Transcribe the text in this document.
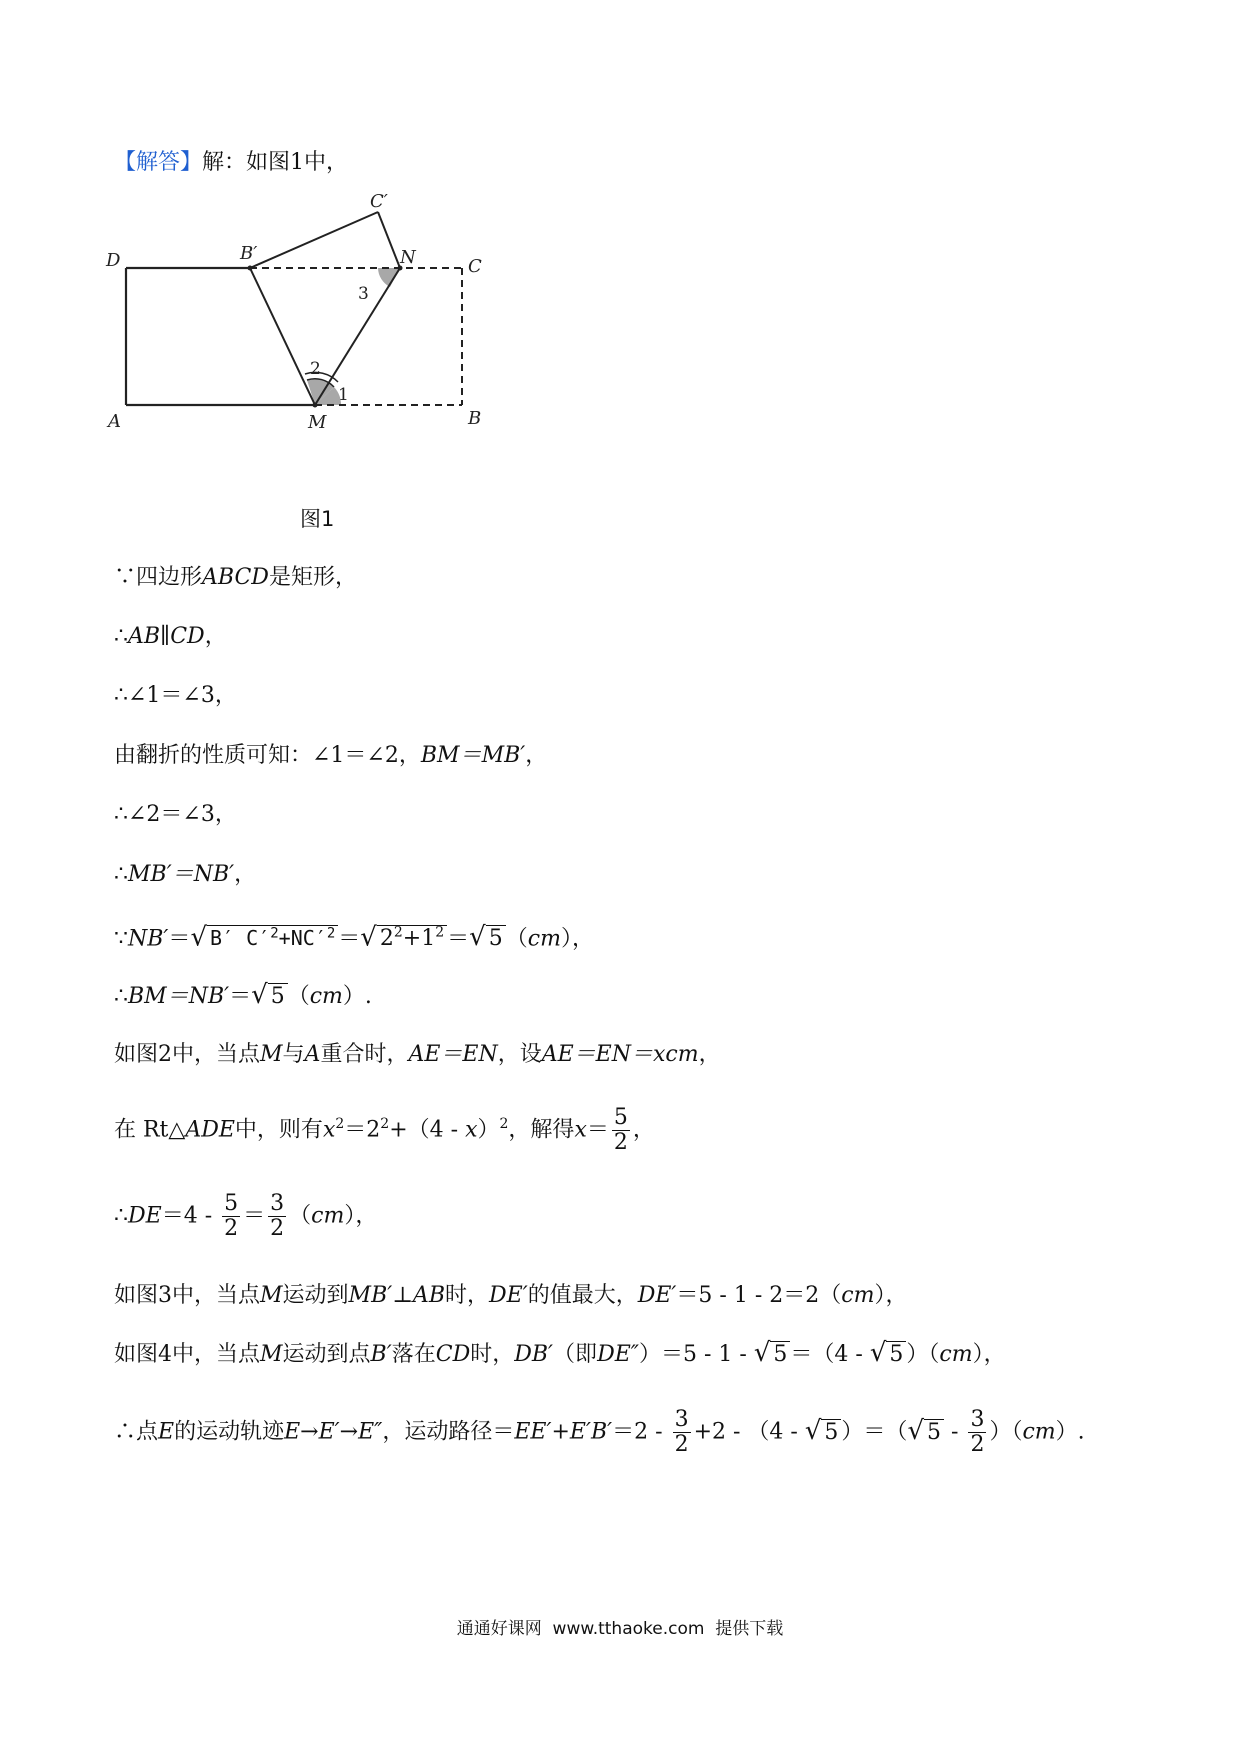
【解答】解：如图1中，
D	B′
C′
N	C
A	M	B
1
2
3
图1
∵四边形ABCD是矩形，
∴AB∥CD，
∴∠1＝∠3，
由翻折的性质可知：∠1＝∠2，BM＝MB′，
∴∠2＝∠3，
∴MB′＝NB′，
∵NB′＝√ B′ $C'^2+NC'^2$ ＝√ $2^2+1^2$ ＝√ 5 （cm），
∴BM＝NB′＝√ 5 （cm）.
如图2中，当点M与A重合时，AE＝EN，设AE＝EN＝xcm，
在 Rt△ADE中，则有$x^2=2^2+(4 - x)^2$，解得$x= \frac{5}{2}$ ，
∴DE＝4 - $\frac{5}{2} = \frac{3}{2} (cm)$，
如图3中，当点M运动到MB′⊥AB时，DE′的值最大，DE′＝5 - 1 - 2＝2（cm），
如图4中，当点M运动到点B′落在CD时，DB′（即DE″）＝5 - 1 - √ 5 ＝（4 - √ 5 ）（cm），
∴点E的运动轨迹E→E′→E″，运动路径$=EE'+E'B'=2 - \frac{3}{2} +2 - (4$ - √ 5 ）＝（√ $5 - \frac{3}{2} )(cm)$.
通通好课网 www.tthaoke.com 提供下载
